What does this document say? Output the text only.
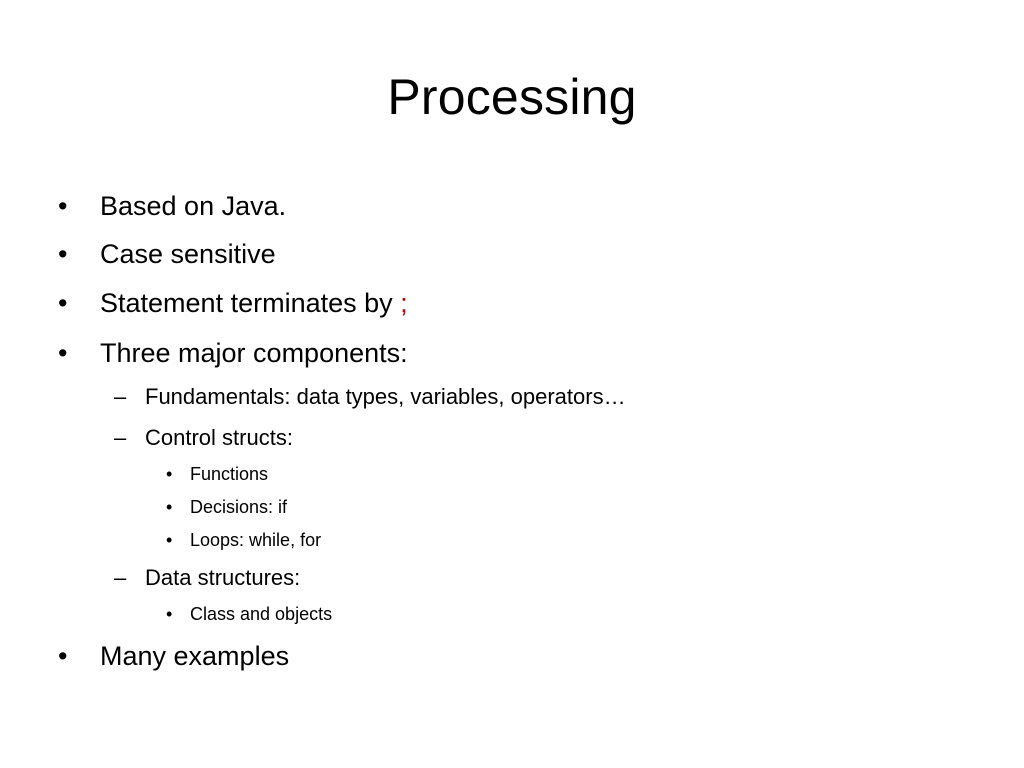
Processing
• Based on Java.
• Case sensitive
• Statement terminates by ;
• Three major components:
– Fundamentals: data types, variables, operators…
– Control structs:
• Functions
• Decisions: if
• Loops: while, for
– Data structures:
• Class and objects
• Many examples
